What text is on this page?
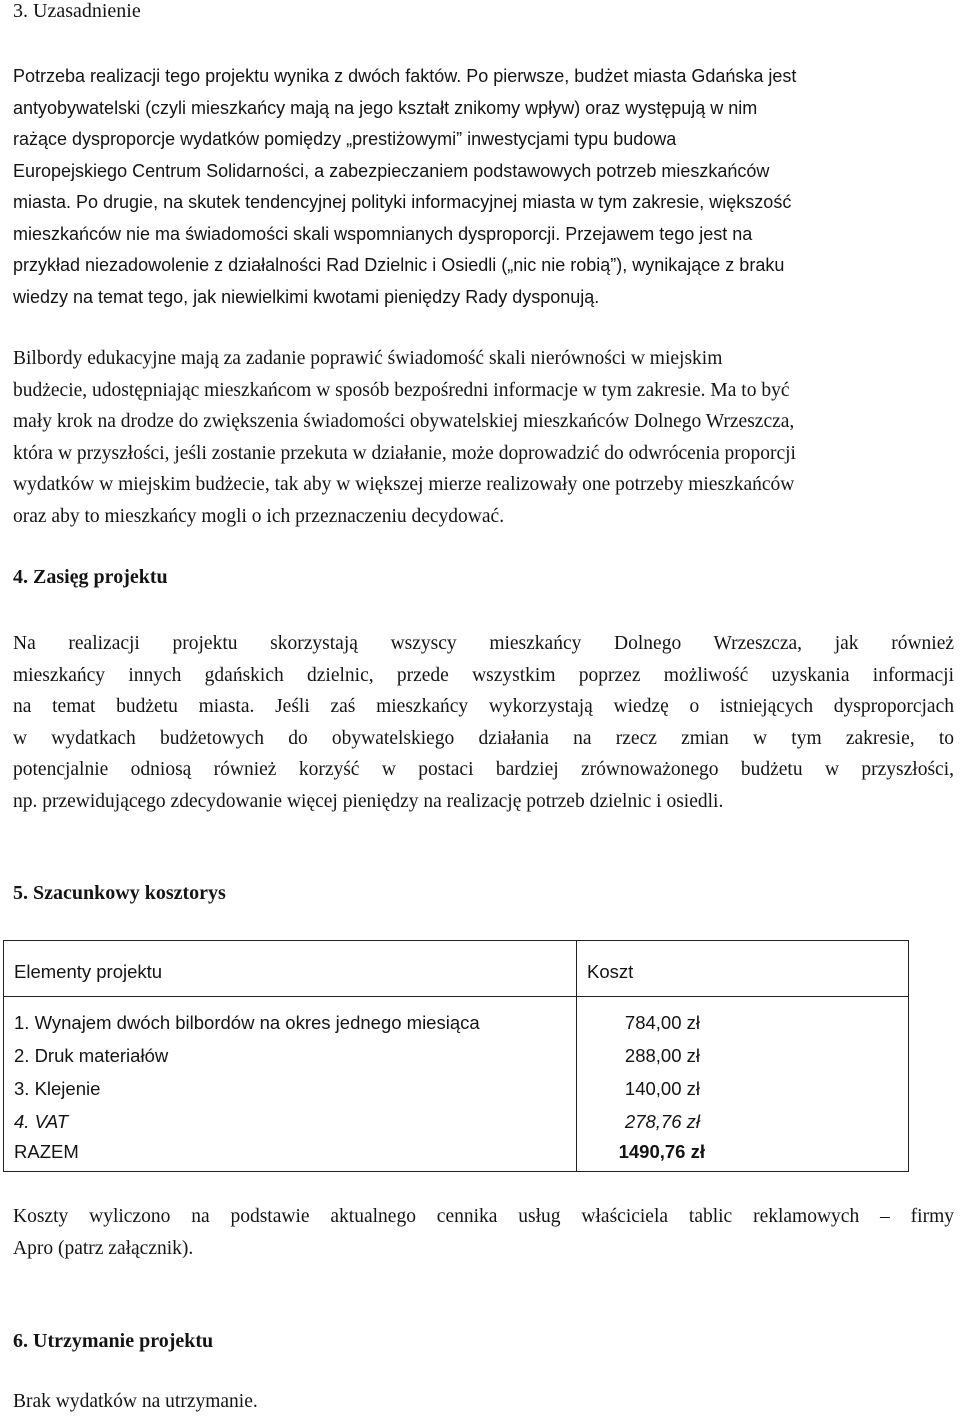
3. Uzasadnienie
Potrzeba realizacji tego projektu wynika z dwóch faktów. Po pierwsze, budżet miasta Gdańska jest
antyobywatelski (czyli mieszkańcy mają na jego kształt znikomy wpływ) oraz występują w nim
rażące dysproporcje wydatków pomiędzy „prestiżowymi” inwestycjami typu budowa
Europejskiego Centrum Solidarności, a zabezpieczaniem podstawowych potrzeb mieszkańców
miasta. Po drugie, na skutek tendencyjnej polityki informacyjnej miasta w tym zakresie, większość
mieszkańców nie ma świadomości skali wspomnianych dysproporcji. Przejawem tego jest na
przykład niezadowolenie z działalności Rad Dzielnic i Osiedli („nic nie robią”), wynikające z braku
wiedzy na temat tego, jak niewielkimi kwotami pieniędzy Rady dysponują.
Bilbordy edukacyjne mają za zadanie poprawić świadomość skali nierówności w miejskim
budżecie, udostępniając mieszkańcom w sposób bezpośredni informacje w tym zakresie. Ma to być
mały krok na drodze do zwiększenia świadomości obywatelskiej mieszkańców Dolnego Wrzeszcza,
która w przyszłości, jeśli zostanie przekuta w działanie, może doprowadzić do odwrócenia proporcji
wydatków w miejskim budżecie, tak aby w większej mierze realizowały one potrzeby mieszkańców
oraz aby to mieszkańcy mogli o ich przeznaczeniu decydować.
4. Zasięg projektu
Na realizacji projektu skorzystają wszyscy mieszkańcy Dolnego Wrzeszcza, jak również
mieszkańcy innych gdańskich dzielnic, przede wszystkim poprzez możliwość uzyskania informacji
na temat budżetu miasta. Jeśli zaś mieszkańcy wykorzystają wiedzę o istniejących dysproporcjach
w wydatkach budżetowych do obywatelskiego działania na rzecz zmian w tym zakresie, to
potencjalnie odniosą również korzyść w postaci bardziej zrównoważonego budżetu w przyszłości,
np. przewidującego zdecydowanie więcej pieniędzy na realizację potrzeb dzielnic i osiedli.
5. Szacunkowy kosztorys
Elementy projektu	Koszt
1. Wynajem dwóch bilbordów na okres jednego miesiąca	784,00 zł
2. Druk materiałów	288,00 zł
3. Klejenie	140,00 zł
4. VAT	278,76 zł
RAZEM	1490,76 zł
Koszty wyliczono na podstawie aktualnego cennika usług właściciela tablic reklamowych – firmy
Apro (patrz załącznik).
6. Utrzymanie projektu
Brak wydatków na utrzymanie.
